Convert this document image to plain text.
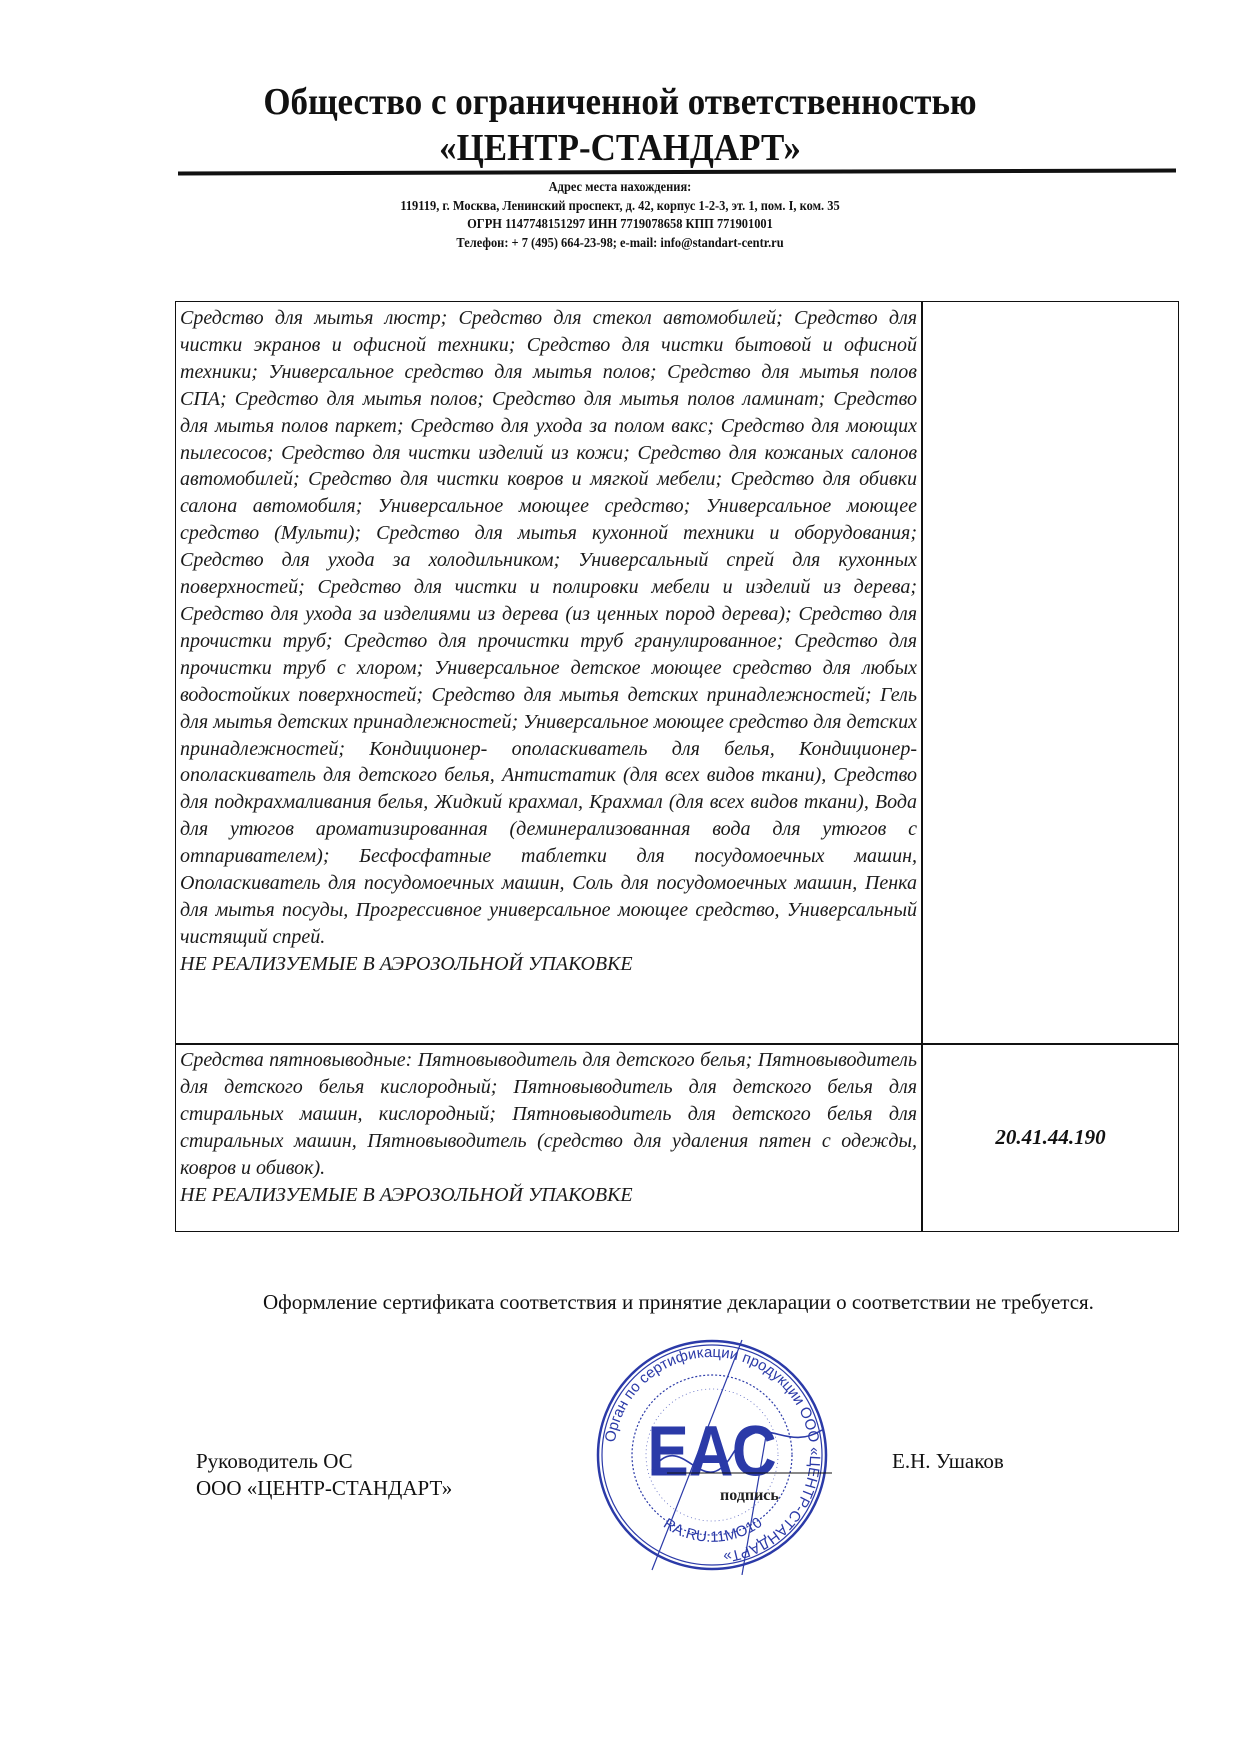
Общество с ограниченной ответственностью
«ЦЕНТР-СТАНДАРТ»
Адрес места нахождения:
119119, г. Москва, Ленинский проспект, д. 42, корпус 1-2-3, эт. 1, пом. I, ком. 35
ОГРН 1147748151297 ИНН 7719078658 КПП 771901001
Телефон: + 7 (495) 664-23-98; e-mail: info@standart-centr.ru
Средство для мытья люстр; Средство для стекол автомобилей; Средство для чистки экранов и офисной техники; Средство для чистки бытовой и офисной техники; Универсальное средство для мытья полов; Средство для мытья полов СПА; Средство для мытья полов; Средство для мытья полов ламинат; Средство для мытья полов паркет; Средство для ухода за полом вакс; Средство для моющих пылесосов; Средство для чистки изделий из кожи; Средство для кожаных салонов автомобилей; Средство для чистки ковров и мягкой мебели; Средство для обивки салона автомобиля; Универсальное моющее средство; Универсальное моющее средство (Мульти); Средство для мытья кухонной техники и оборудования; Средство для ухода за холодильником; Универсальный спрей для кухонных поверхностей; Средство для чистки и полировки мебели и изделий из дерева; Средство для ухода за изделиями из дерева (из ценных пород дерева); Средство для прочистки труб; Средство для прочистки труб гранулированное; Средство для прочистки труб с хлором; Универсальное детское моющее средство для любых водостойких поверхностей; Средство для мытья детских принадлежностей; Гель для мытья детских принадлежностей; Универсальное моющее средство для детских принадлежностей; Кондиционер- ополаскиватель для белья, Кондиционер- ополаскиватель для детского белья, Антистатик (для всех видов ткани), Средство для подкрахмаливания белья, Жидкий крахмал, Крахмал (для всех видов ткани), Вода для утюгов ароматизированная (деминерализованная вода для утюгов с отпаривателем); Бесфосфатные таблетки для посудомоечных машин, Ополаскиватель для посудомоечных машин, Соль для посудомоечных машин, Пенка для мытья посуды, Прогрессивное универсальное моющее средство, Универсальный чистящий спрей.
НЕ РЕАЛИЗУЕМЫЕ В АЭРОЗОЛЬНОЙ УПАКОВКЕ
Средства пятновыводные: Пятновыводитель для детского белья; Пятновыводитель для детского белья кислородный; Пятновыводитель для детского белья для стиральных машин, кислородный; Пятновыводитель для детского белья для стиральных машин, Пятновыводитель (средство для удаления пятен с одежды, ковров и обивок).
НЕ РЕАЛИЗУЕМЫЕ В АЭРОЗОЛЬНОЙ УПАКОВКЕ
20.41.44.190
Оформление сертификата соответствия и принятие декларации о соответствии не требуется.
Руководитель ОС
ООО «ЦЕНТР-СТАНДАРТ»
Орган по сертификации продукции ООО «ЦЕНТР-СТАНДАРТ»
ЕАС
RA.RU.11МО10
подпись
Е.Н. Ушаков
